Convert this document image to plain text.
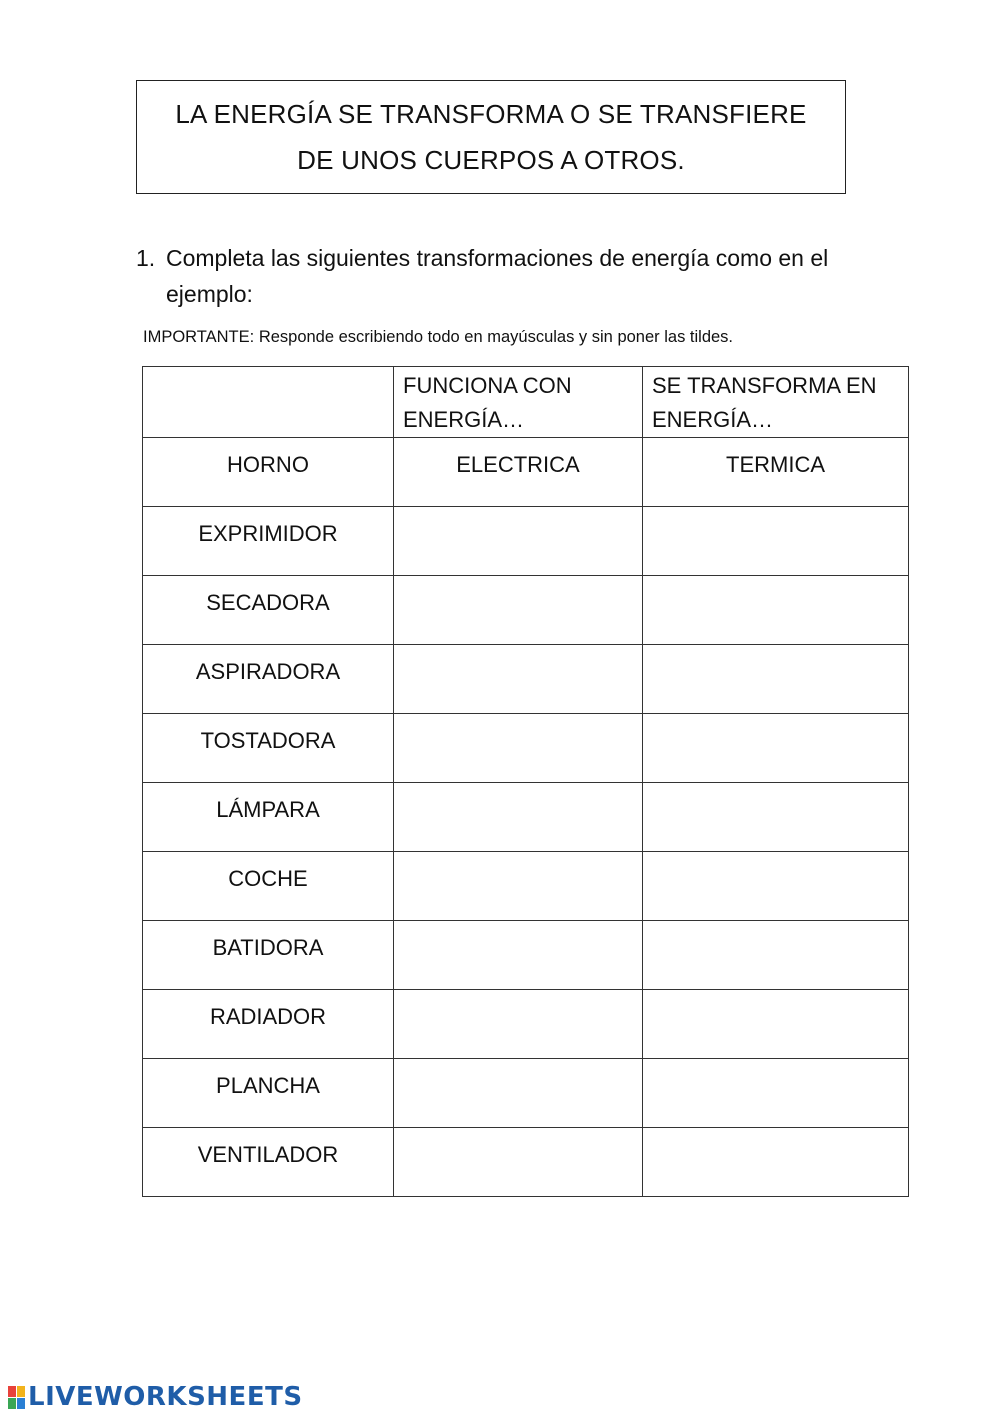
LA ENERGÍA SE TRANSFORMA O SE TRANSFIERE
DE UNOS CUERPOS A OTROS.
1. Completa las siguientes transformaciones de energía como en el ejemplo:
IMPORTANTE: Responde escribiendo todo en mayúsculas y sin poner las tildes.
	FUNCIONA CON ENERGÍA…	SE TRANSFORMA EN ENERGÍA…
HORNO	ELECTRICA	TERMICA
EXPRIMIDOR		
SECADORA		
ASPIRADORA		
TOSTADORA		
LÁMPARA		
COCHE		
BATIDORA		
RADIADOR		
PLANCHA		
VENTILADOR		
LIVEWORKSHEETS
